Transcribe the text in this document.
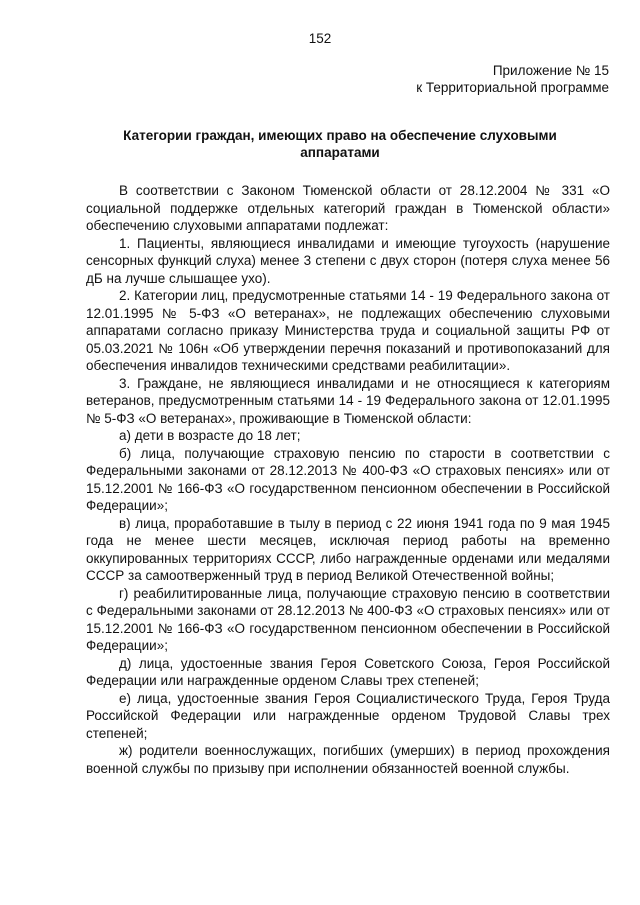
152
Приложение № 15
к Территориальной программе
Категории граждан, имеющих право на обеспечение слуховыми аппаратами

В соответствии с Законом Тюменской области от 28.12.2004 № 331 «О социальной поддержке отдельных категорий граждан в Тюменской области» обеспечению слуховыми аппаратами подлежат:

1. Пациенты, являющиеся инвалидами и имеющие тугоухость (нарушение сенсорных функций слуха) менее 3 степени с двух сторон (потеря слуха менее 56 дБ на лучше слышащее ухо).

2. Категории лиц, предусмотренные статьями 14 - 19 Федерального закона от 12.01.1995 № 5-ФЗ «О ветеранах», не подлежащих обеспечению слуховыми аппаратами согласно приказу Министерства труда и социальной защиты РФ от 05.03.2021 № 106н «Об утверждении перечня показаний и противопоказаний для обеспечения инвалидов техническими средствами реабилитации».

3. Граждане, не являющиеся инвалидами и не относящиеся к категориям ветеранов, предусмотренным статьями 14 - 19 Федерального закона от 12.01.1995 № 5-ФЗ «О ветеранах», проживающие в Тюменской области:

а) дети в возрасте до 18 лет;

б) лица, получающие страховую пенсию по старости в соответствии с Федеральными законами от 28.12.2013 № 400-ФЗ «О страховых пенсиях» или от 15.12.2001 № 166-ФЗ «О государственном пенсионном обеспечении в Российской Федерации»;

в) лица, проработавшие в тылу в период с 22 июня 1941 года по 9 мая 1945 года не менее шести месяцев, исключая период работы на временно оккупированных территориях СССР, либо награжденные орденами или медалями СССР за самоотверженный труд в период Великой Отечественной войны;

г) реабилитированные лица, получающие страховую пенсию в соответствии с Федеральными законами от 28.12.2013 № 400-ФЗ «О страховых пенсиях» или от 15.12.2001 № 166-ФЗ «О государственном пенсионном обеспечении в Российской Федерации»;

д) лица, удостоенные звания Героя Советского Союза, Героя Российской Федерации или награжденные орденом Славы трех степеней;

е) лица, удостоенные звания Героя Социалистического Труда, Героя Труда Российской Федерации или награжденные орденом Трудовой Славы трех степеней;

ж) родители военнослужащих, погибших (умерших) в период прохождения военной службы по призыву при исполнении обязанностей военной службы.
